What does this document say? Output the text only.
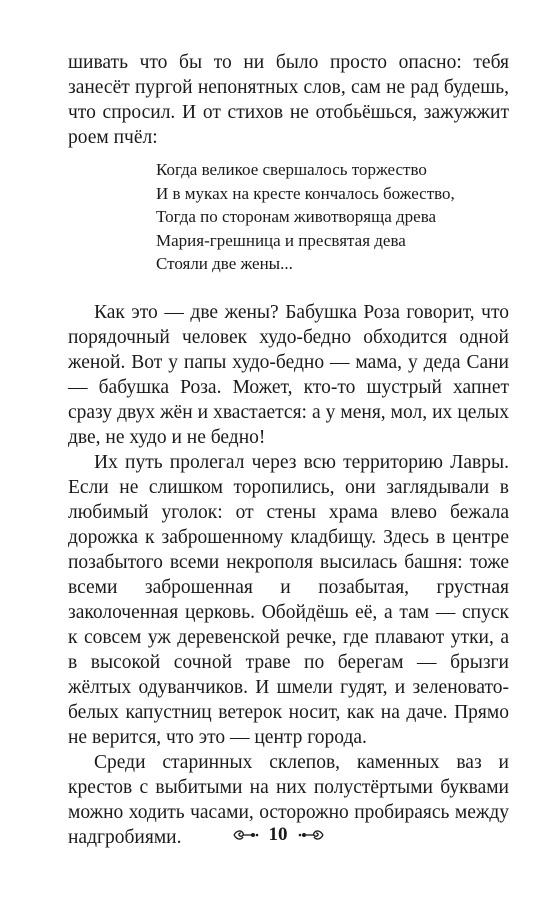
шивать что бы то ни было просто опасно: тебя занесёт пургой непонятных слов, сам не рад будешь, что спросил. И от стихов не отобьёшься, зажужжит роем пчёл:

Когда великое свершалось торжество
И в муках на кресте кончалось божество,
Тогда по сторонам животворяща древа
Мария-грешница и пресвятая дева
Стояли две жены...

Как это — две жены? Бабушка Роза говорит, что порядочный человек худо-бедно обходится одной женой. Вот у папы худо-бедно — мама, у деда Сани — бабушка Роза. Может, кто-то шустрый хапнет сразу двух жён и хвастается: а у меня, мол, их целых две, не худо и не бедно!

Их путь пролегал через всю территорию Лавры. Если не слишком торопились, они заглядывали в любимый уголок: от стены храма влево бежала дорожка к заброшенному кладбищу. Здесь в центре позабытого всеми некрополя высилась башня: тоже всеми заброшенная и позабытая, грустная заколоченная церковь. Обойдёшь её, а там — спуск к совсем уж деревенской речке, где плавают утки, а в высокой сочной траве по берегам — брызги жёлтых одуванчиков. И шмели гудят, и зеленовато-белых капустниц ветерок носит, как на даче. Прямо не верится, что это — центр города.

Среди старинных склепов, каменных ваз и крестов с выбитыми на них полустёртыми буквами можно ходить часами, осторожно пробираясь между надгробиями.	10
